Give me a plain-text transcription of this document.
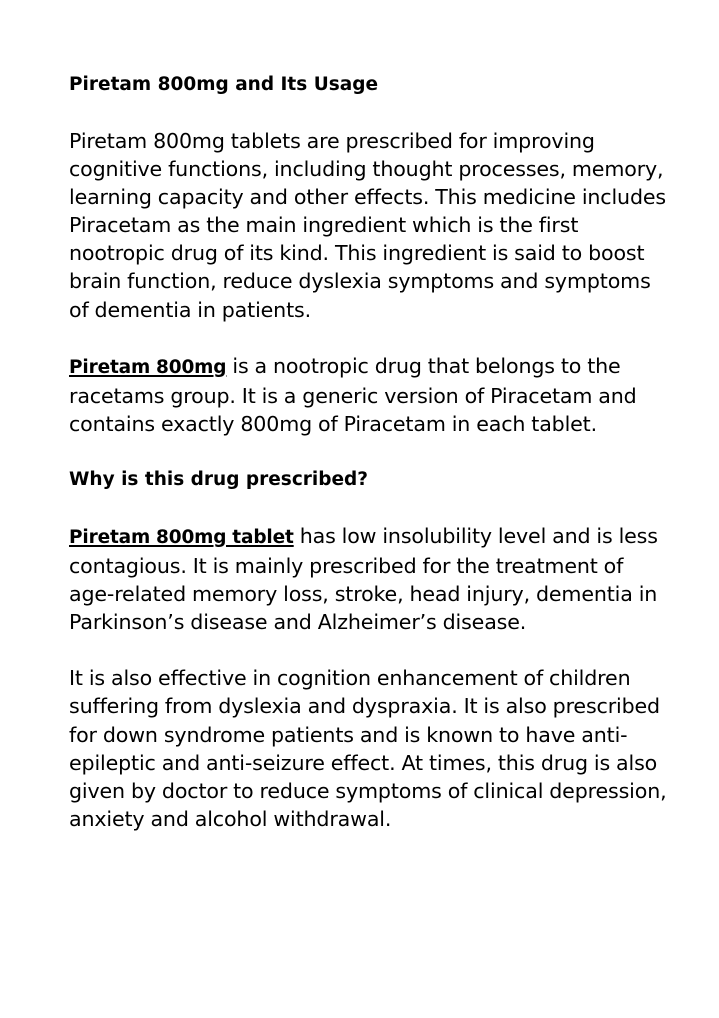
Piretam 800mg and Its Usage

Piretam 800mg tablets are prescribed for improving cognitive functions, including thought processes, memory, learning capacity and other effects. This medicine includes Piracetam as the main ingredient which is the first nootropic drug of its kind. This ingredient is said to boost brain function, reduce dyslexia symptoms and symptoms of dementia in patients.

Piretam 800mg is a nootropic drug that belongs to the racetams group. It is a generic version of Piracetam and contains exactly 800mg of Piracetam in each tablet.

Why is this drug prescribed?

Piretam 800mg tablet has low insolubility level and is less contagious. It is mainly prescribed for the treatment of age-related memory loss, stroke, head injury, dementia in Parkinson’s disease and Alzheimer’s disease.

It is also effective in cognition enhancement of children suffering from dyslexia and dyspraxia. It is also prescribed for down syndrome patients and is known to have anti-epileptic and anti-seizure effect. At times, this drug is also given by doctor to reduce symptoms of clinical depression, anxiety and alcohol withdrawal.
